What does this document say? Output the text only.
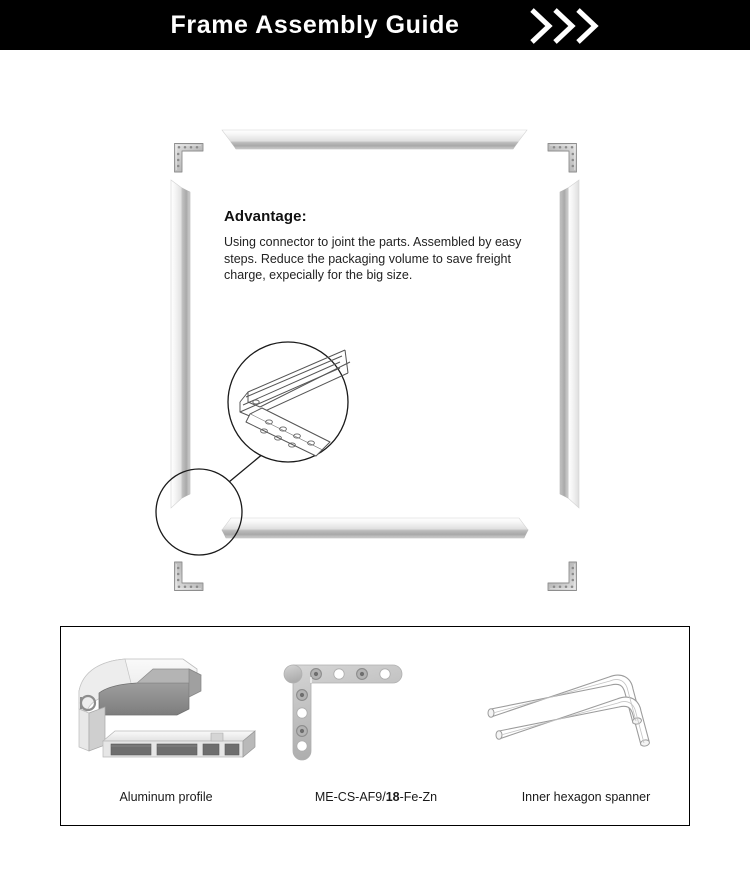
Frame Assembly Guide

Advantage:

Using connector to joint the parts. Assembled by easy steps. Reduce the packaging volume to save freight charge, expecially for the big size.

Aluminum profile	ME-CS-AF9/18-Fe-Zn	Inner hexagon spanner
